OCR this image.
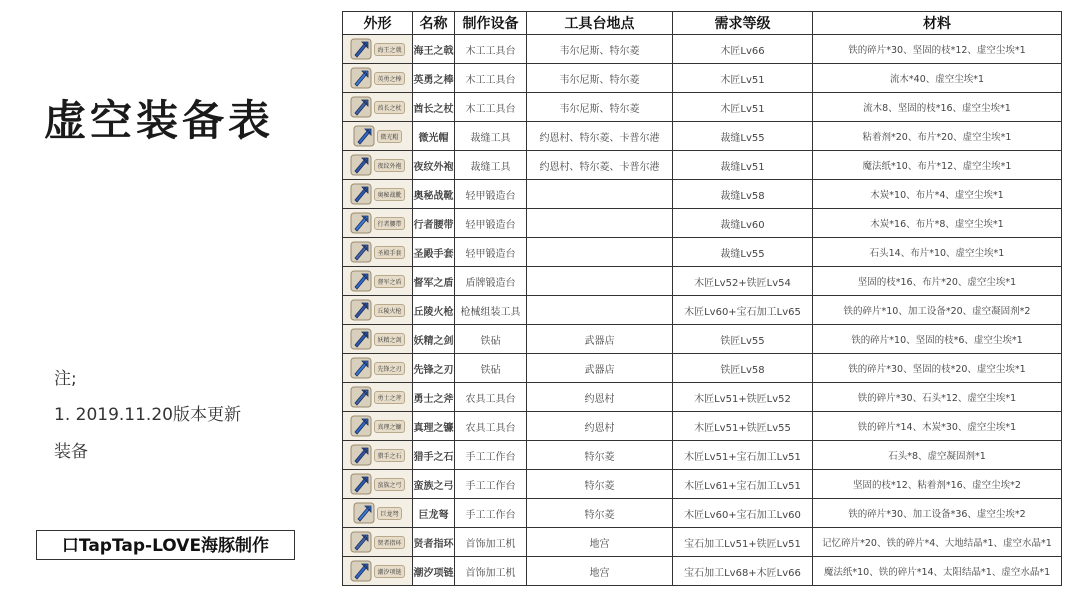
虚空装备表
注;
1. 2019.11.20版本更新
装备
口TapTap-LOVE海豚制作
外形	名称	制作设备	工具台地点	需求等级	材料

海王之戟	海王之戟	木工工具台	韦尔尼斯、特尔菱	木匠Lv66	铁的碎片*30、坚固的枝*12、虚空尘埃*1

英勇之棒	英勇之棒	木工工具台	韦尔尼斯、特尔菱	木匠Lv51	流木*40、虚空尘埃*1

酋长之杖	酋长之杖	木工工具台	韦尔尼斯、特尔菱	木匠Lv51	流木8、坚固的枝*16、虚空尘埃*1

微光帽	微光帽	裁缝工具	约恩村、特尔菱、卡普尔港	裁缝Lv55	粘着剂*20、布片*20、虚空尘埃*1

夜纹外袍	夜纹外袍	裁缝工具	约恩村、特尔菱、卡普尔港	裁缝Lv51	魔法纸*10、布片*12、虚空尘埃*1

奥秘战靴	奥秘战靴	轻甲锻造台		裁缝Lv58	木炭*10、布片*4、虚空尘埃*1

行者腰带	行者腰带	轻甲锻造台		裁缝Lv60	木炭*16、布片*8、虚空尘埃*1

圣殿手套	圣殿手套	轻甲锻造台		裁缝Lv55	石头14、布片*10、虚空尘埃*1

督军之盾	督军之盾	盾牌锻造台		木匠Lv52+铁匠Lv54	坚固的枝*16、布片*20、虚空尘埃*1

丘陵火枪	丘陵火枪	枪械组装工具		木匠Lv60+宝石加工Lv65	铁的碎片*10、加工设备*20、虚空凝固剂*2

妖精之剑	妖精之剑	铁砧	武器店	铁匠Lv55	铁的碎片*10、坚固的枝*6、虚空尘埃*1

先锋之刃	先锋之刃	铁砧	武器店	铁匠Lv58	铁的碎片*30、坚固的枝*20、虚空尘埃*1

勇士之斧	勇士之斧	农具工具台	约恩村	木匠Lv51+铁匠Lv52	铁的碎片*30、石头*12、虚空尘埃*1

真理之镰	真理之镰	农具工具台	约恩村	木匠Lv51+铁匠Lv55	铁的碎片*14、木炭*30、虚空尘埃*1

猎手之石	猎手之石	手工工作台	特尔菱	木匠Lv51+宝石加工Lv51	石头*8、虚空凝固剂*1

蛮族之弓	蛮族之弓	手工工作台	特尔菱	木匠Lv61+宝石加工Lv51	坚固的枝*12、粘着剂*16、虚空尘埃*2

巨龙弩	巨龙弩	手工工作台	特尔菱	木匠Lv60+宝石加工Lv60	铁的碎片*30、加工设备*36、虚空尘埃*2

贤者指环	贤者指环	首饰加工机	地宫	宝石加工Lv51+铁匠Lv51	记忆碎片*20、铁的碎片*4、大地结晶*1、虚空水晶*1

潮汐项链	潮汐项链	首饰加工机	地宫	宝石加工Lv68+木匠Lv66	魔法纸*10、铁的碎片*14、太阳结晶*1、虚空水晶*1
